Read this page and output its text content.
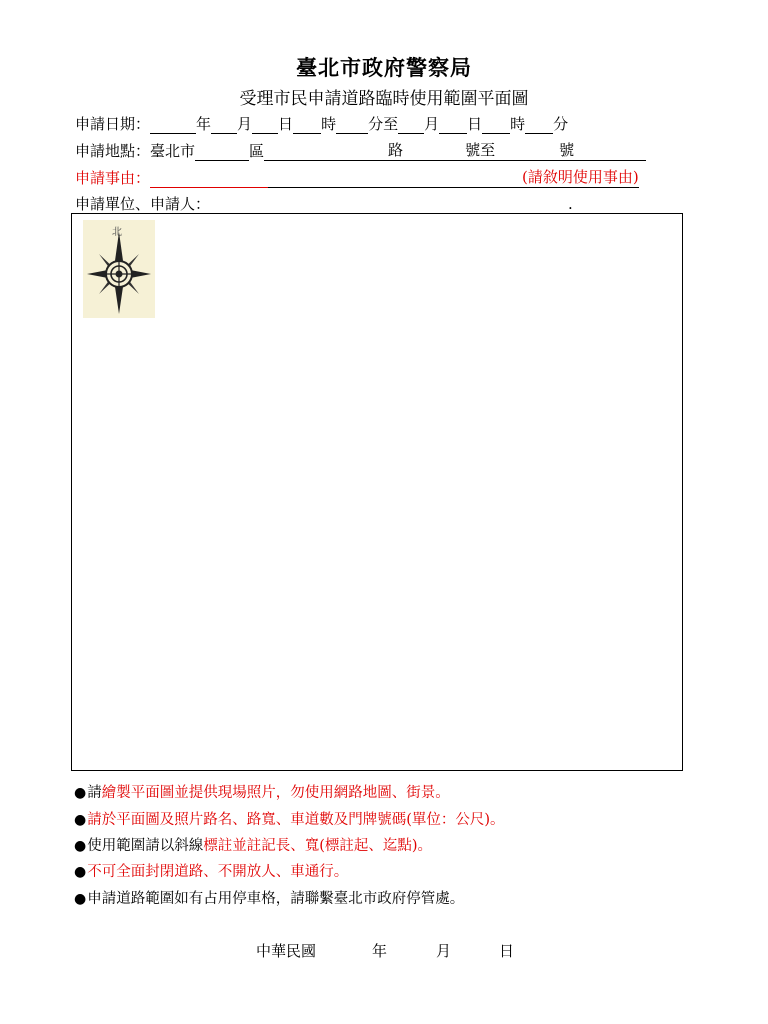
臺北市政府警察局
受理市民申請道路臨時使用範圍平面圖
申請日期：	年 月 日 時 分至 月 日 時 分
申請地點： 臺北市	區	路	號至	號
申請事由：	(請敘明使用事由)
申請單位、申請人：	.
北
●請繪製平面圖並提供現場照片，勿使用網路地圖、街景。
●請於平面圖及照片路名、路寬、車道數及門牌號碼(單位：公尺)。
●使用範圍請以斜線標註並註記長、寬(標註起、迄點)。
●不可全面封閉道路、不開放人、車通行。
●申請道路範圍如有占用停車格，請聯繫臺北市政府停管處。
中華民國	年	月	日
